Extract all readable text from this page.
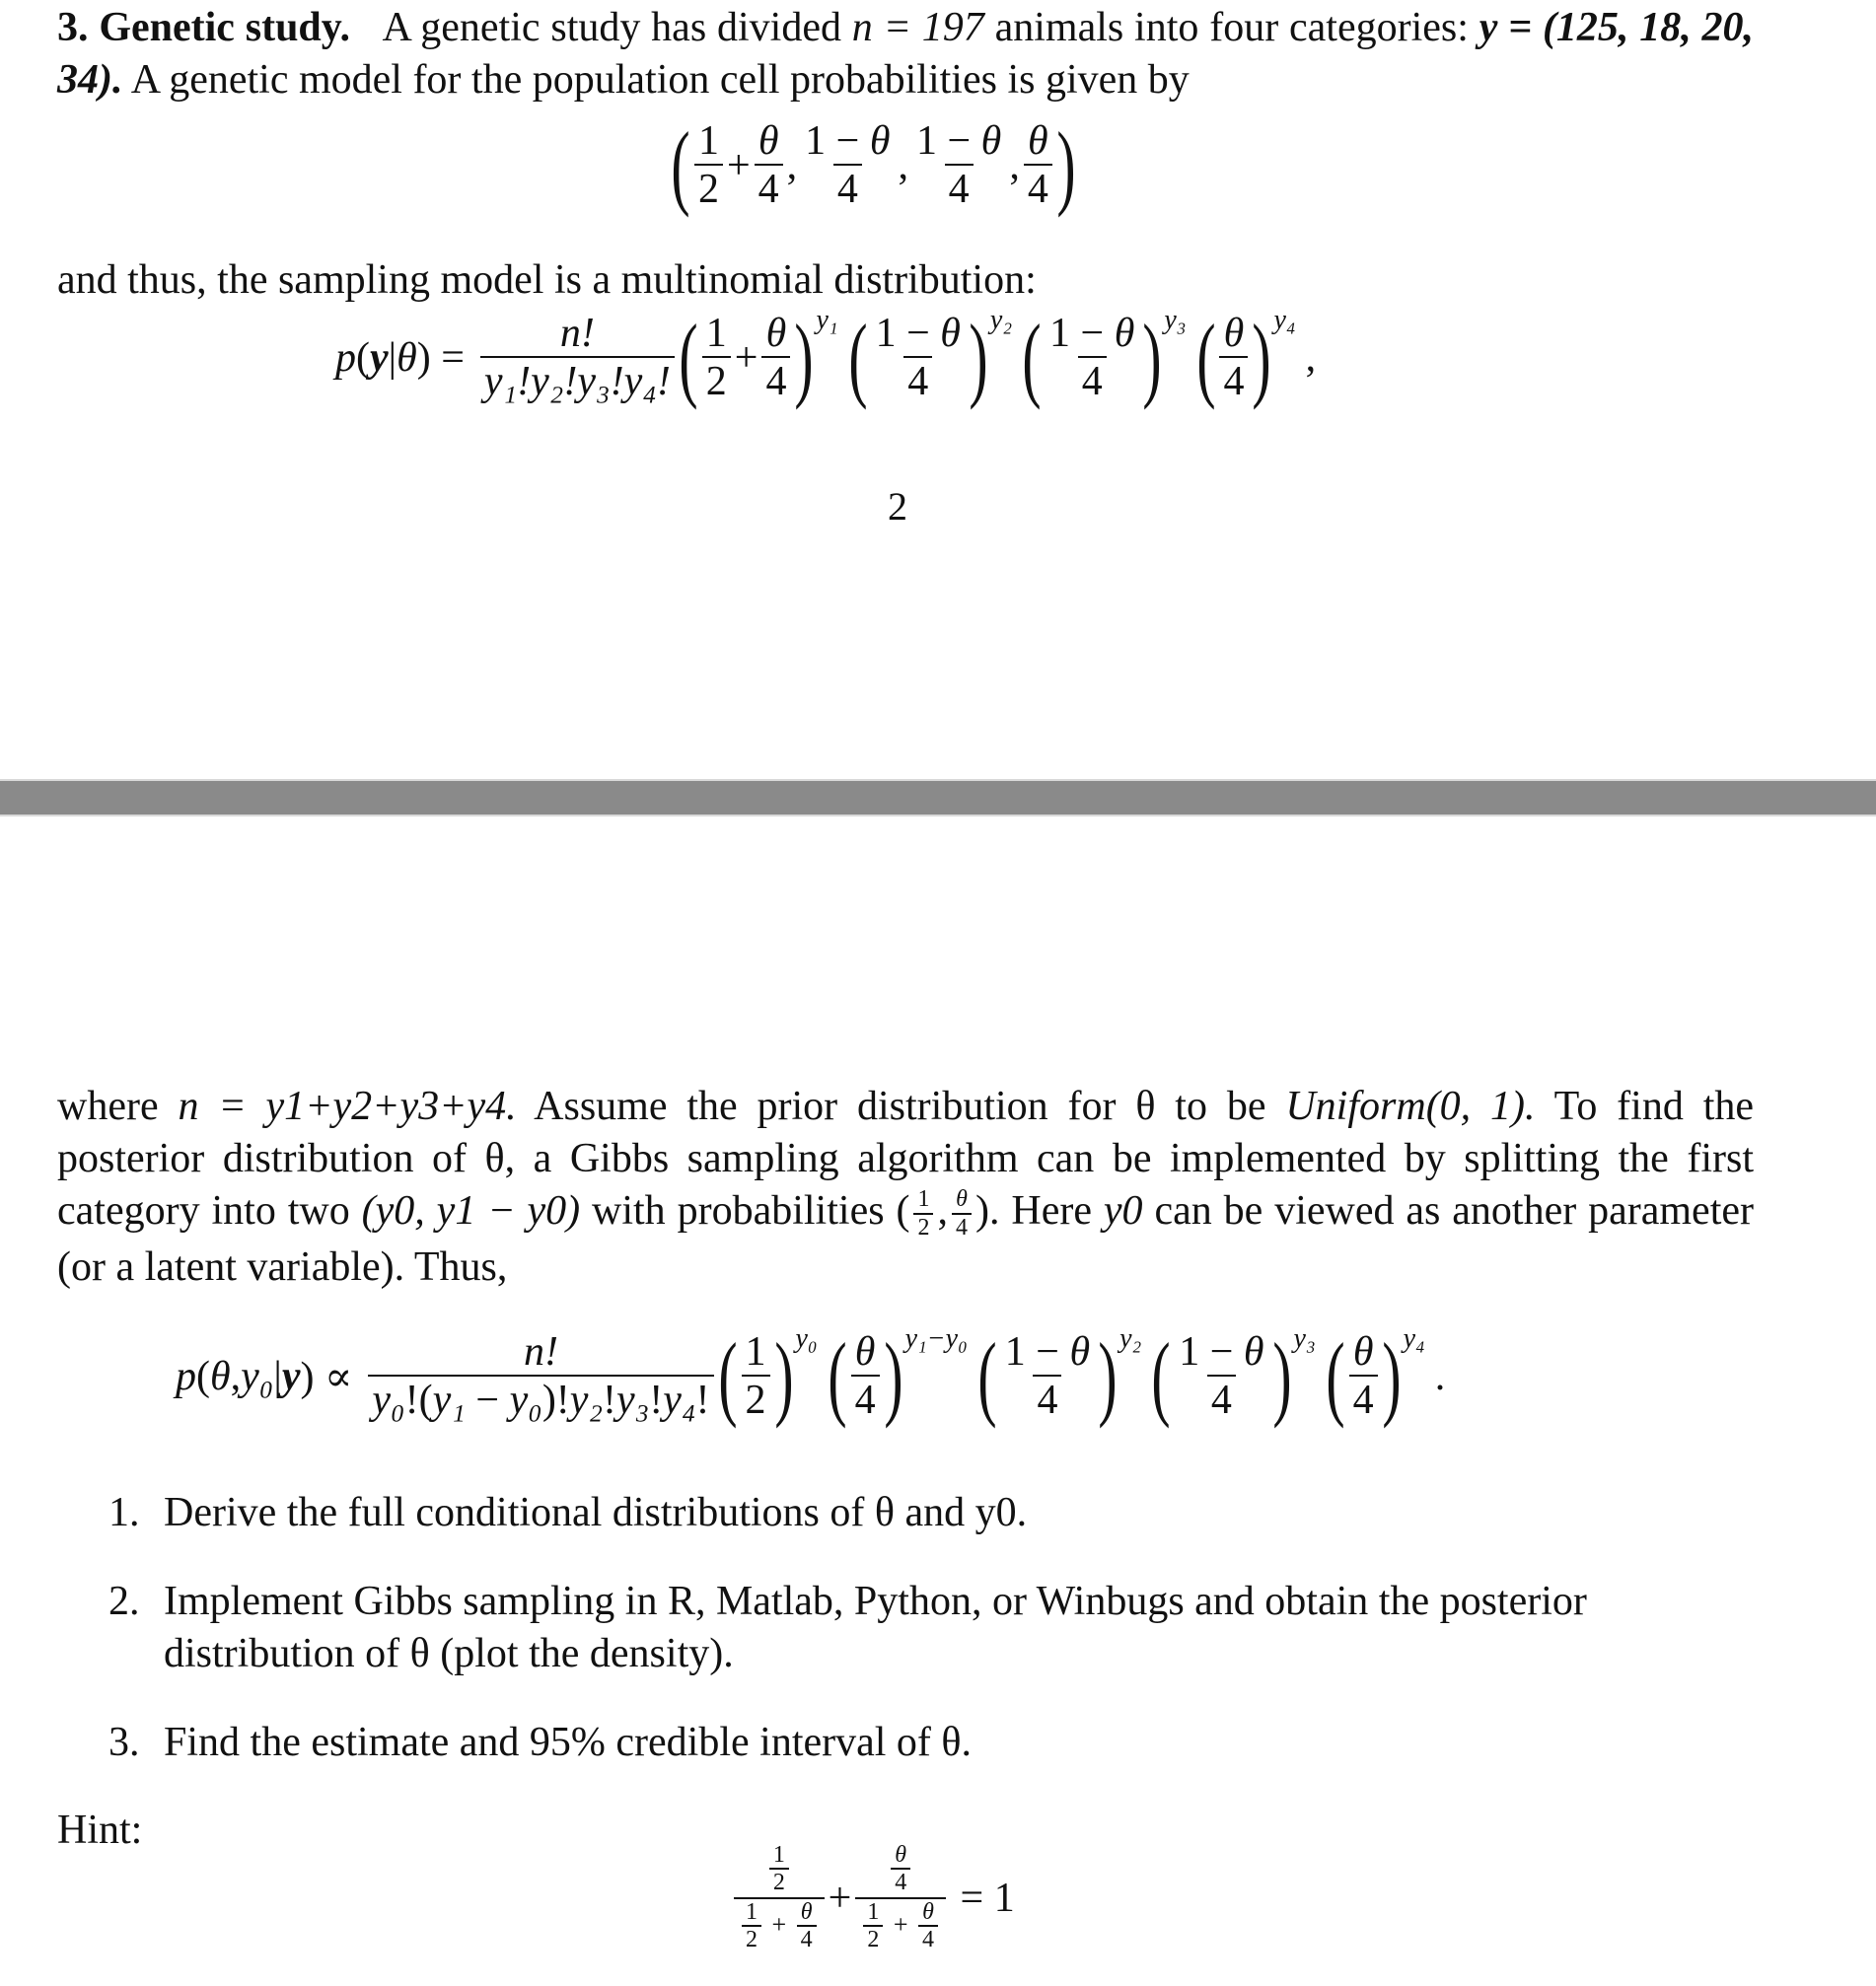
3. Genetic study. A genetic study has divided n = 197 animals into four categories: y = (125, 18, 20, 34). A genetic model for the population cell probabilities is given by
( $\frac{1}{2} + \frac{\theta}{4}$ , $\frac{1 - \theta}{4}$ , $\frac{1 - \theta}{4}$ , $\frac{\theta}{4}$ )
and thus, the sampling model is a multinomial distribution:
p ( y | θ ) = $\frac{n!}{\text{y₁!y₂!y₃!y₄!}}$ ( $\frac{1}{2} + \frac{\theta}{4}$ ) y₁ ( $\frac{1 - \theta}{4}$ ) y₂ ( $\frac{1 - \theta}{4}$ ) y₃ ( $\frac{\theta}{4}$ ) y₄
,
2
where n = y1+y2+y3+y4. Assume the prior distribution for θ to be Uniform(0, 1). To find the posterior distribution of θ, a Gibbs sampling algorithm can be implemented by splitting the first category into two (y0, y1 − y0) with probabilities ( $\frac{1}{2}$ , $\frac{\theta}{4}$ ). Here y0 can be viewed as another parameter (or a latent variable). Thus,
p ( θ , y₀ | y ) ∝ $\frac{n!}{\text{y₀!(y₁ − y₀)!y₂!y₃!y₄!}}$ ( $\frac{1}{2}$ ) y₀ ( $\frac{\theta}{4}$ ) y₁−y₀ ( $\frac{1 - \theta}{4}$ ) y₂ ( $\frac{1 - \theta}{4}$ ) y₃ ( $\frac{\theta}{4}$ ) y₄
.
1. Derive the full conditional distributions of θ and y0.
2. Implement Gibbs sampling in R, Matlab, Python, or Winbugs and obtain the posterior distribution of θ (plot the density).
3. Find the estimate and 95% credible interval of θ.
Hint:
$\frac{\frac{1}{2}}{\frac{1}{2} + \frac{\theta}{4}} + \frac{\frac{\theta}{4}}{\frac{1}{2} + \frac{\theta}{4}} = 1$
